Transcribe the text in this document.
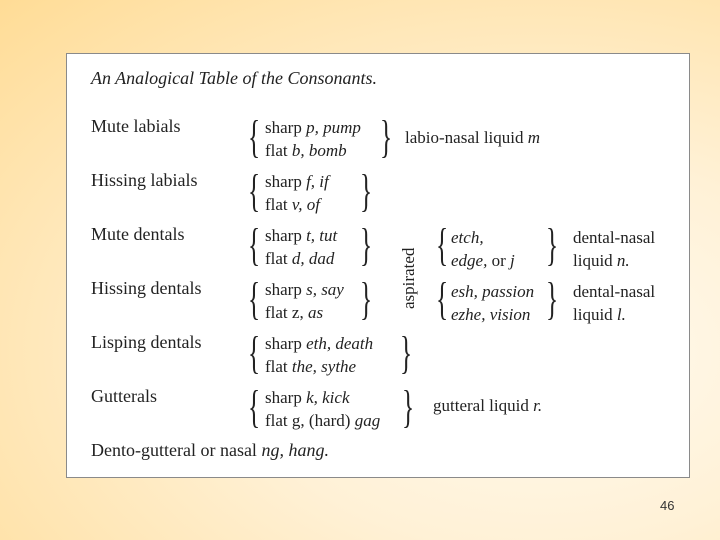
An Analogical Table of the Consonants.
Mute labials { sharp p, pump
flat b, bomb } labio-nasal liquid m
Hissing labials { sharp f, if
flat v, of }
Mute dentals { sharp t, tut
flat d, dad }
aspirated
{ etch,
edge, or j } dental-nasal
liquid n.
Hissing dentals { sharp s, say
flat z, as } { esh, passion
ezhe, vision } dental-nasal
liquid l.
Lisping dentals { sharp eth, death
flat the, sythe }
Gutterals { sharp k, kick
flat g, (hard) gag } gutteral liquid r.
Dento-gutteral or nasal ng, hang.
46
